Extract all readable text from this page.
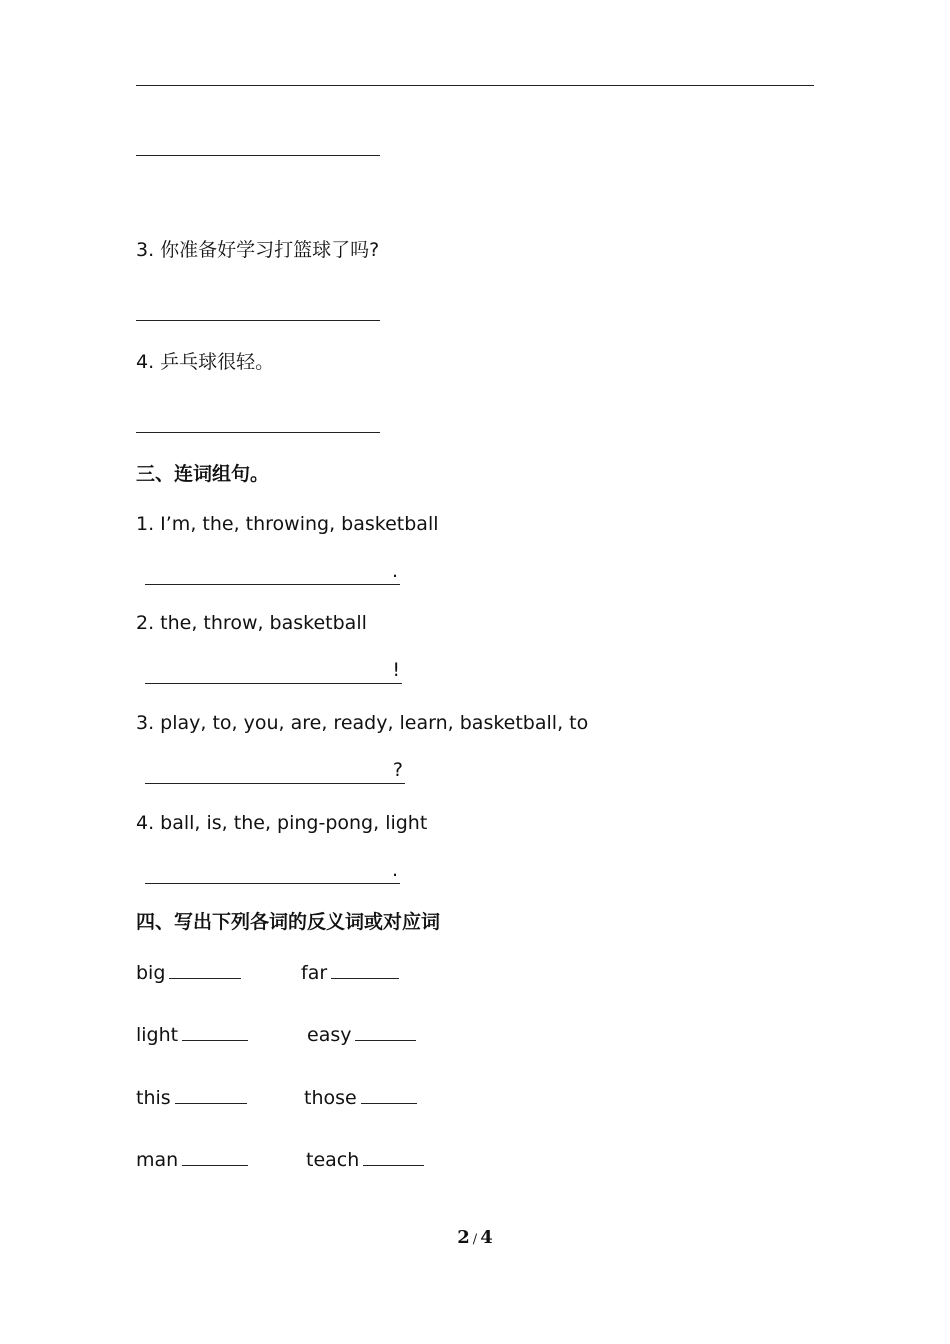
3. 你准备好学习打篮球了吗?
4. 乒乓球很轻。
三、连词组句。
1. I’m, the, throwing, basketball
.
2. the, throw, basketball
!
3. play, to, you, are, ready, learn, basketball, to
?
4. ball, is, the, ping-pong, light
.
四、写出下列各词的反义词或对应词
big	far
light	easy
this	those
man	teach
2 / 4
